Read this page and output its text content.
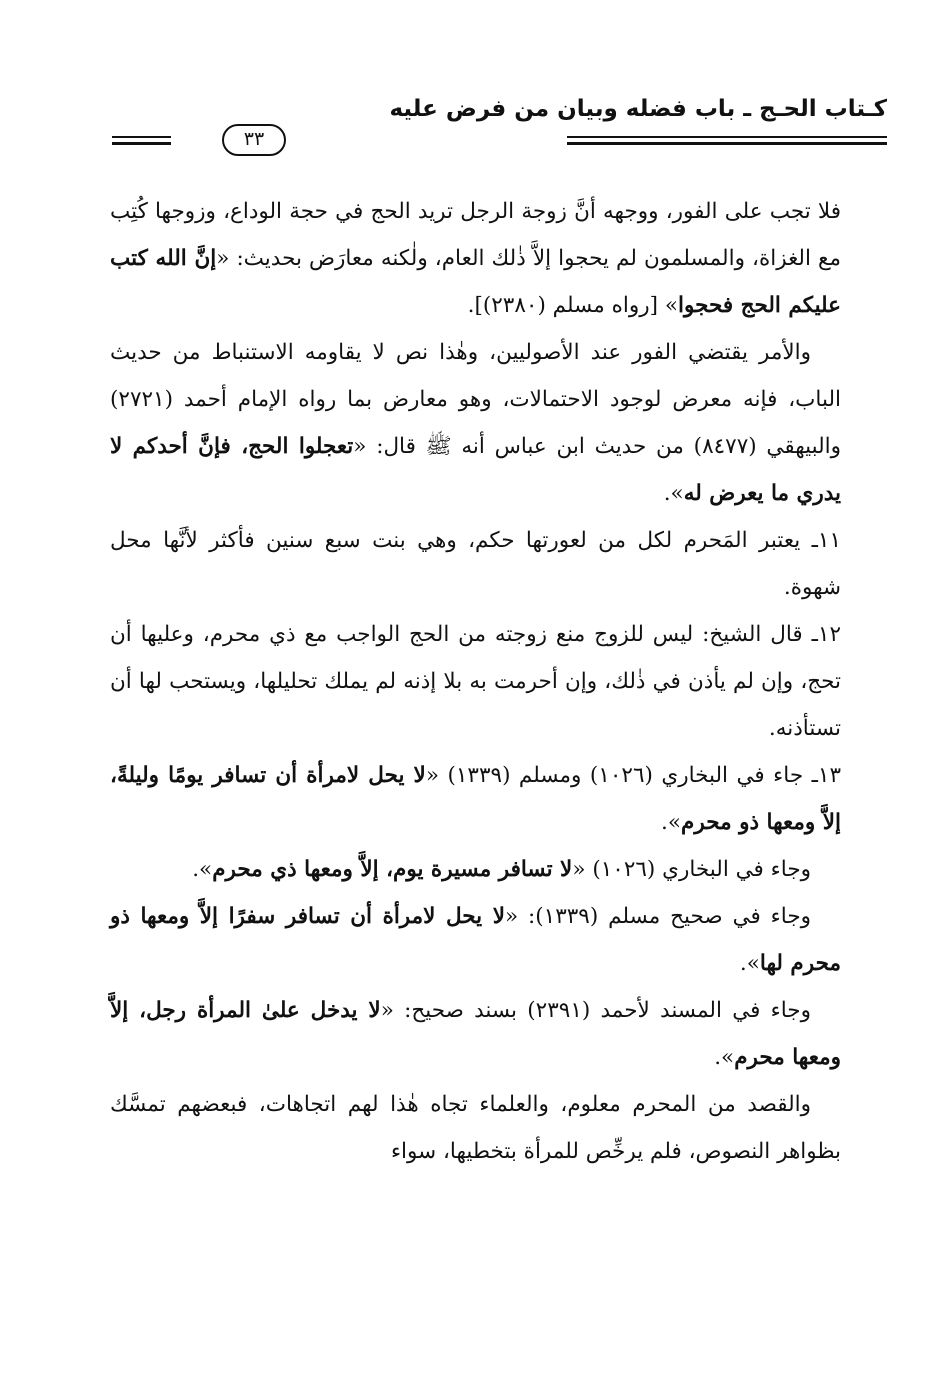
كـتاب الحـج ـ باب فضله وبيان من فرض عليه
٣٣

فلا تجب على الفور، ووجهه أنَّ زوجة الرجل تريد الحج في حجة الوداع، وزوجها كُتِب مع الغزاة، والمسلمون لم يحجوا إلاَّ ذٰلك العام، ولٰكنه معارَض بحديث: «إنَّ الله كتب عليكم الحج فحجوا» [رواه مسلم (٢٣٨٠)].

والأمر يقتضي الفور عند الأصوليين، وهٰذا نص لا يقاومه الاستنباط من حديث الباب، فإنه معرض لوجود الاحتمالات، وهو معارض بما رواه الإمام أحمد (٢٧٢١) والبيهقي (٨٤٧٧) من حديث ابن عباس أنه ﷺ قال: «تعجلوا الحج، فإنَّ أحدكم لا يدري ما يعرض له».

١١ـ يعتبر المَحرم لكل من لعورتها حكم، وهي بنت سبع سنين فأكثر لأنَّها محل شهوة.

١٢ـ قال الشيخ: ليس للزوج منع زوجته من الحج الواجب مع ذي محرم، وعليها أن تحج، وإن لم يأذن في ذٰلك، وإن أحرمت به بلا إذنه لم يملك تحليلها، ويستحب لها أن تستأذنه.

١٣ـ جاء في البخاري (١٠٢٦) ومسلم (١٣٣٩) «لا يحل لامرأة أن تسافر يومًا وليلةً، إلاَّ ومعها ذو محرم».

وجاء في البخاري (١٠٢٦) «لا تسافر مسيرة يوم، إلاَّ ومعها ذي محرم».

وجاء في صحيح مسلم (١٣٣٩): «لا يحل لامرأة أن تسافر سفرًا إلاَّ ومعها ذو محرم لها».

وجاء في المسند لأحمد (٢٣٩١) بسند صحيح: «لا يدخل علىٰ المرأة رجل، إلاَّ ومعها محرم».

والقصد من المحرم معلوم، والعلماء تجاه هٰذا لهم اتجاهات، فبعضهم تمسَّك بظواهر النصوص، فلم يرخِّص للمرأة بتخطيها، سواء
